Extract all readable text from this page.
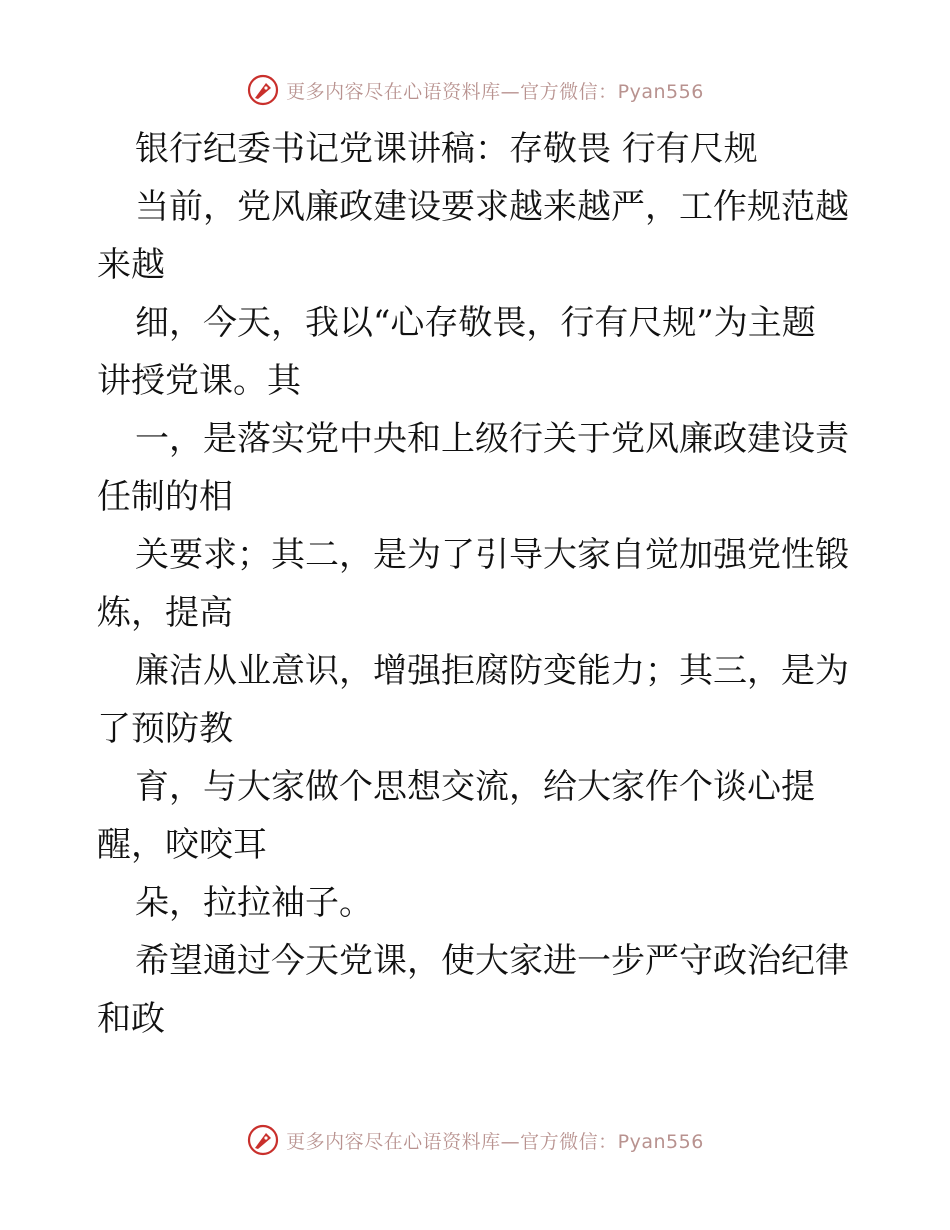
更多内容尽在心语资料库—官方微信：Pyan556
银行纪委书记党课讲稿：存敬畏 行有尺规
当前，党风廉政建设要求越来越严，工作规范越
来越
细，今天，我以“心存敬畏，行有尺规”为主题
讲授党课。其
一，是落实党中央和上级行关于党风廉政建设责
任制的相
关要求；其二，是为了引导大家自觉加强党性锻
炼，提高
廉洁从业意识，增强拒腐防变能力；其三，是为
了预防教
育，与大家做个思想交流，给大家作个谈心提
醒，咬咬耳
朵，拉拉袖子。
希望通过今天党课，使大家进一步严守政治纪律
和政
更多内容尽在心语资料库—官方微信：Pyan556
